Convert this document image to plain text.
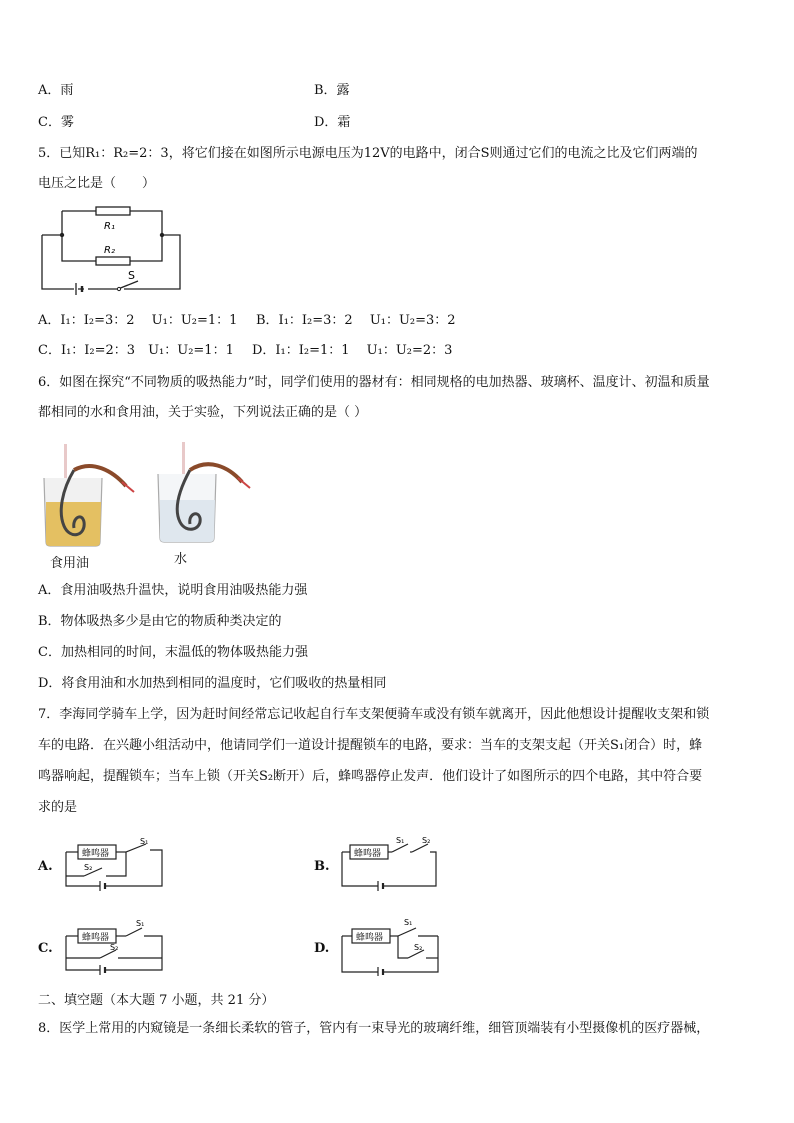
A．雨	B．露
C．雾	D．霜
5．已知R₁：R₂=2：3，将它们接在如图所示电源电压为12V的电路中，闭合S则通过它们的电流之比及它们两端的
电压之比是（　　）
R₁
R₂
S
A．I₁：I₂=3：2　 U₁：U₂=1：1 B．I₁：I₂=3：2　 U₁：U₂=3：2
C．I₁：I₂=2：3　U₁：U₂=1：1 D．I₁：I₂=1：1　 U₁：U₂=2：3
6．如图在探究“不同物质的吸热能力”时，同学们使用的器材有：相同规格的电加热器、玻璃杯、温度计、初温和质量
都相同的水和食用油，关于实验，下列说法正确的是（ ）
食用油	水
A．食用油吸热升温快，说明食用油吸热能力强
B．物体吸热多少是由它的物质种类决定的
C．加热相同的时间，末温低的物体吸热能力强
D．将食用油和水加热到相同的温度时，它们吸收的热量相同
7．李海同学骑车上学，因为赶时间经常忘记收起自行车支架便骑车或没有锁车就离开，因此他想设计提醒收支架和锁
车的电路．在兴趣小组活动中，他请同学们一道设计提醒锁车的电路，要求：当车的支架支起（开关S₁闭合）时，蜂
鸣器响起，提醒锁车；当车上锁（开关S₂断开）后，蜂鸣器停止发声．他们设计了如图所示的四个电路，其中符合要
求的是
A.
蜂鸣器
S₁
S₂	B.
蜂鸣器
S₁ S₂
C.
蜂鸣器
S₁
S₂	D.
蜂鸣器
S₁
S₂
二、填空题（本大题 7 小题，共 21 分）
8．医学上常用的内窥镜是一条细长柔软的管子，管内有一束导光的玻璃纤维，细管顶端装有小型摄像机的医疗器械，
